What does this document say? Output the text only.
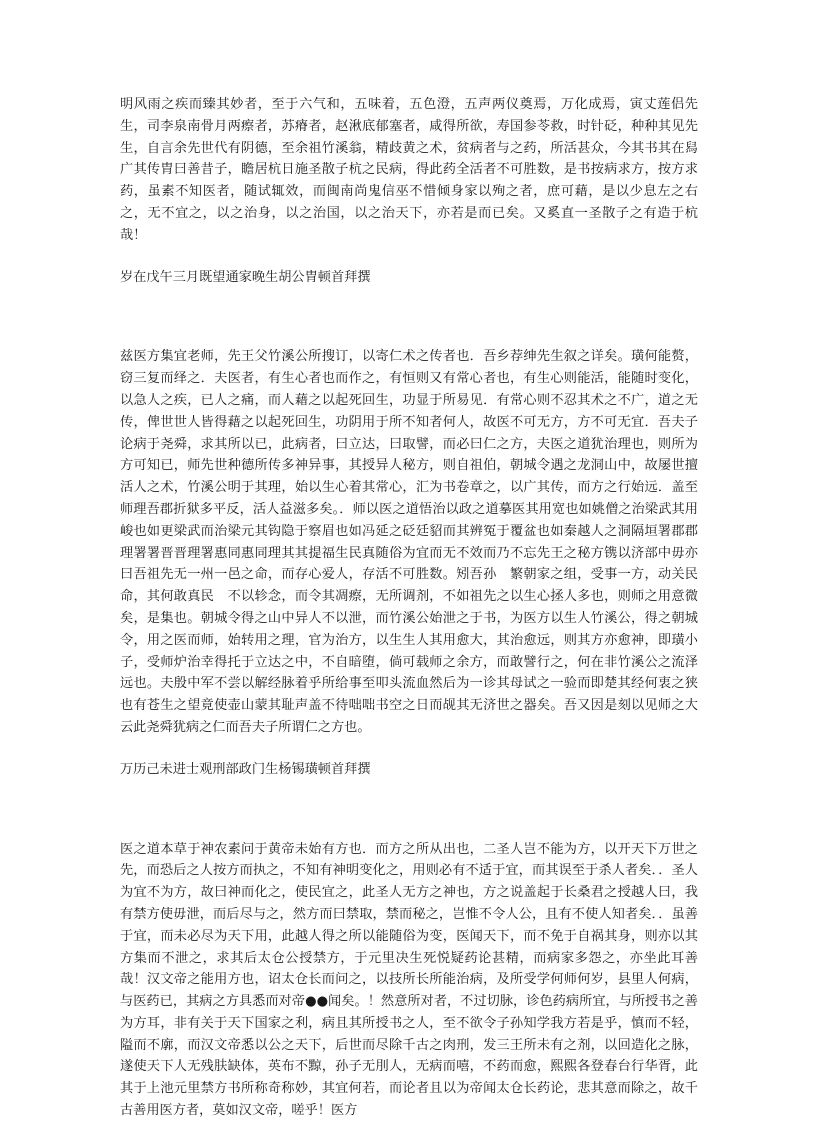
明风雨之疾而臻其妙者，至于六气和，五味着，五色澄，五声两仪奠焉，万化成焉，寅丈莲侣先生，司李泉南骨月两瘵者，苏瘠者，赵湫底郁塞者，咸得所欲，寿国参苓救，时针砭，种种其见先生，自言余先世代有阴德，至余祖竹溪翁，精歧黄之术，贫病者与之药，所活甚众，今其书其在舄广其传胄曰善昔子，瞻居杭日施圣散子杭之民病，得此药全活者不可胜数，是书按病求方，按方求药，虽素不知医者，随试辄效，而闽南尚鬼信巫不惜倾身家以殉之者，庶可藉，是以少息左之右之，无不宜之，以之治身，以之治国，以之治天下，亦若是而已矣。又奚直一圣散子之有造于杭哉！

岁在戊午三月既望通家晚生胡公胄顿首拜撰

兹医方集宜老师，先王父竹溪公所搜订，以寄仁术之传者也．吾乡荐绅先生叙之详矣。璜何能赘，窃三复而绎之．夫医者，有生心者也而作之，有恒则又有常心者也，有生心则能活，能随时变化，以急人之疾，已人之痛，而人藉之以起死回生，功显于所易见．有常心则不忍其术之不广，道之无传，俾世世人皆得藉之以起死回生，功阴用于所不知者何人，故医不可无方，方不可无宜．吾夫子论病于尧舜，求其所以已，此病者，曰立达，曰取譬，而必曰仁之方，夫医之道犹治理也，则所为方可知已，师先世种德所传多神异事，其授异人秘方，则自祖伯，朝城令遇之龙洞山中，故屡世擅活人之术，竹溪公明于其理，始以生心着其常心，汇为书卷章之，以广其传，而方之行始远．盖至师理吾郡折狱多平反，活人益滋多矣。．师以医之道悟治以政之道摹医其用宽也如姚僧之治梁武其用峻也如更梁武而治梁元其钩隐于察眉也如冯延之砭廷貂而其辨冤于覆盆也如秦越人之洞隔垣署郡郡理署署晋晋理署惠同惠同理其其提福生民真随俗为宜而无不效而乃不忘先王之秘方镌以济部中毋亦曰吾祖先无一州一邑之命，而存心爱人，存活不可胜数。矧吾孙　繁朝家之组，受事一方，动关民命，其何敢真民　不以轸念，而令其凋瘵，无所调剂，不如祖先之以生心拯人多也，则师之用意微矣，是集也。朝城令得之山中异人不以泄，而竹溪公始泄之于书，为医方以生人竹溪公，得之朝城令，用之医而师，始转用之理，官为治方，以生生人其用愈大，其治愈远，则其方亦愈神，即璜小子，受师炉治幸得托于立达之中，不自暗堕，倘可载师之余方，而敢譬行之，何在非竹溪公之流泽远也。夫殷中军不尝以解经脉着乎所给事至叩头流血然后为一诊其母试之一验而即楚其经何衷之狭也有苍生之望竟使壶山蒙其耻声盖不待咄咄书空之日而觇其无济世之器矣。吾又因是刻以见师之大云此尧舜犹病之仁而吾夫子所谓仁之方也。

万历己未进士观刑部政门生杨锡璜顿首拜撰

医之道本草于神农素问于黄帝未始有方也．而方之所从出也，二圣人岂不能为方，以开天下万世之先，而恐后之人按方而执之，不知有神明变化之，用则必有不适于宜，而其误至于杀人者矣．．圣人为宜不为方，故曰神而化之，使民宜之，此圣人无方之神也，方之说盖起于长桑君之授越人曰，我有禁方使毋泄，而后尽与之，然方而曰禁取，禁而秘之，岂惟不令人公，且有不使人知者矣．．虽善于宜，而未必尽为天下用，此越人得之所以能随俗为变，医闻天下，而不免于自祸其身，则亦以其方集而不泄之，求其后太仓公授禁方，于元里决生死悦疑药论甚精，而病家多怨之，亦坐此耳善哉！汉文帝之能用方也，诏太仓长而问之，以技所长所能治病，及所受学何师何岁，县里人何病，与医药已，其病之方具悉而对帝●●闻矣。！然意所对者，不过切脉，诊色药病所宜，与所授书之善为方耳，非有关于天下国家之利，病且其所授书之人，至不欲令子孙知学我方若是乎，慎而不轻，隘而不廓，而汉文帝悉以公之天下，后世而尽除千古之肉刑，发三王所未有之剂，以回造化之脉，遂使天下人无残肤缺体，英布不黥，孙子无刖人，无病而嘻，不药而愈，熙熙各登春台行华胥，此其于上池元里禁方书所称奇称妙，其宜何若，而论者且以为帝闻太仓长药论，悲其意而除之，故千古善用医方者，莫如汉文帝，嗟乎！医方
